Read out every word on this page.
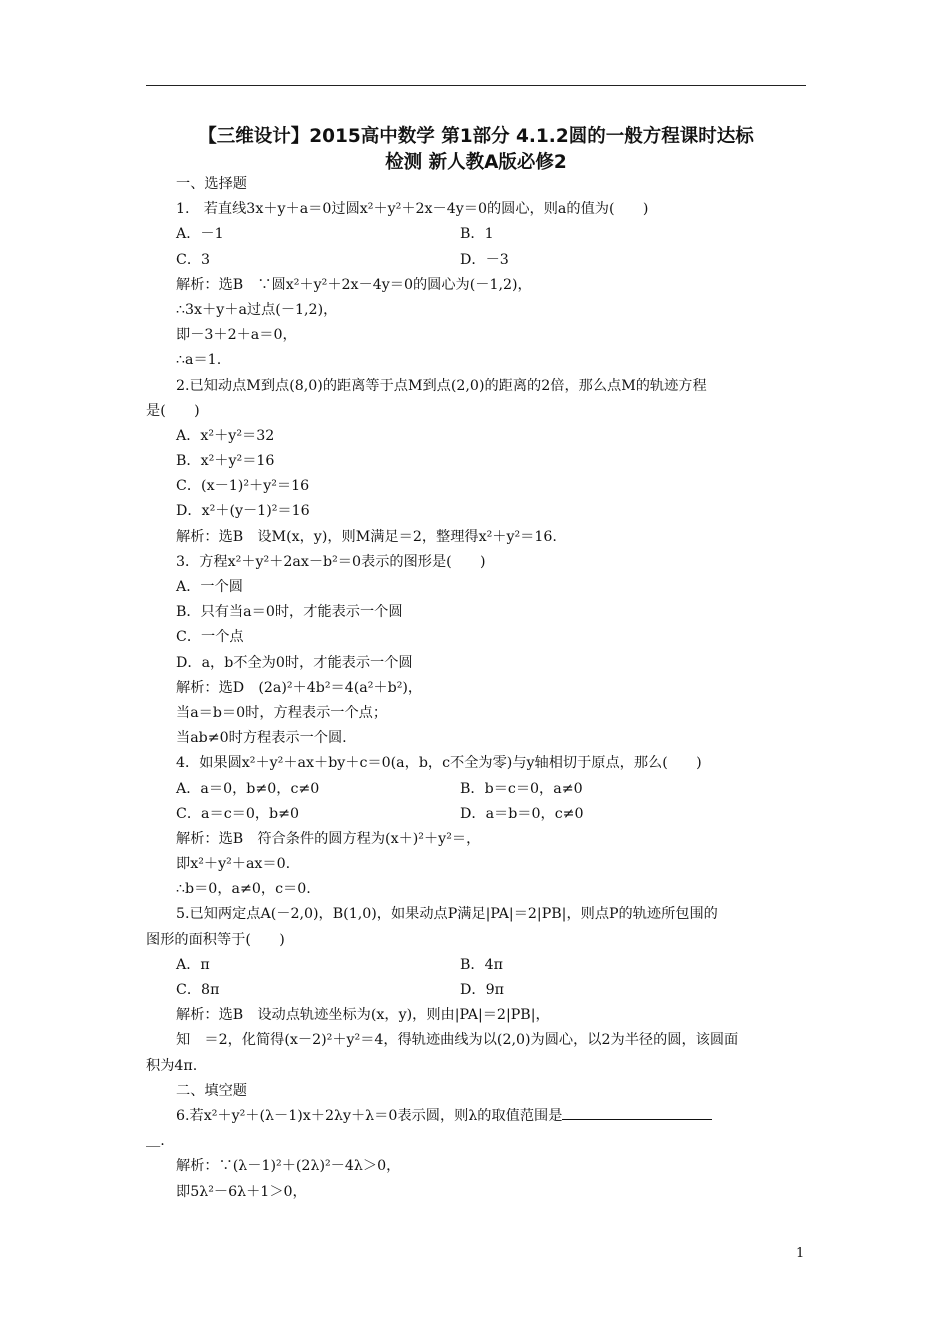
【三维设计】2015高中数学 第1部分 4.1.2圆的一般方程课时达标
检测 新人教A版必修2
一、选择题
1.　若直线3x＋y＋a＝0过圆x²＋y²＋2x－4y＝0的圆心，则a的值为(　　)
A．－1	B．1
C．3	D．－3
解析：选B　∵圆x²＋y²＋2x－4y＝0的圆心为(－1,2)，
∴3x＋y＋a过点(－1,2)，
即－3＋2＋a＝0，
∴a＝1.
2.已知动点M到点(8,0)的距离等于点M到点(2,0)的距离的2倍，那么点M的轨迹方程
是(　　)
A．x²＋y²＝32
B．x²＋y²＝16
C．(x－1)²＋y²＝16
D．x²＋(y－1)²＝16
解析：选B　设M(x，y)，则M满足＝2，整理得x²＋y²＝16.
3．方程x²＋y²＋2ax－b²＝0表示的图形是(　　)
A．一个圆
B．只有当a＝0时，才能表示一个圆
C．一个点
D．a，b不全为0时，才能表示一个圆
解析：选D　(2a)²＋4b²＝4(a²＋b²)，
当a＝b＝0时，方程表示一个点；
当ab≠0时方程表示一个圆.
4．如果圆x²＋y²＋ax＋by＋c＝0(a，b，c不全为零)与y轴相切于原点，那么(　　)
A．a＝0，b≠0，c≠0	B．b＝c＝0，a≠0
C．a＝c＝0，b≠0	D．a＝b＝0，c≠0
解析：选B　符合条件的圆方程为(x＋)²＋y²＝，
即x²＋y²＋ax＝0.
∴b＝0，a≠0，c＝0.
5.已知两定点A(－2,0)，B(1,0)，如果动点P满足|PA|＝2|PB|，则点P的轨迹所包围的
图形的面积等于(　　)
A．π	B．4π
C．8π	D．9π
解析：选B　设动点轨迹坐标为(x，y)，则由|PA|＝2|PB|，
知　＝2，化简得(x－2)²＋y²＝4，得轨迹曲线为以(2,0)为圆心，以2为半径的圆，该圆面
积为4π.
二、填空题
6.若x²＋y²＋(λ－1)x＋2λy＋λ＝0表示圆，则λ的取值范围是
＿.
解析：∵(λ－1)²＋(2λ)²－4λ＞0，
即5λ²－6λ＋1＞0，
1
